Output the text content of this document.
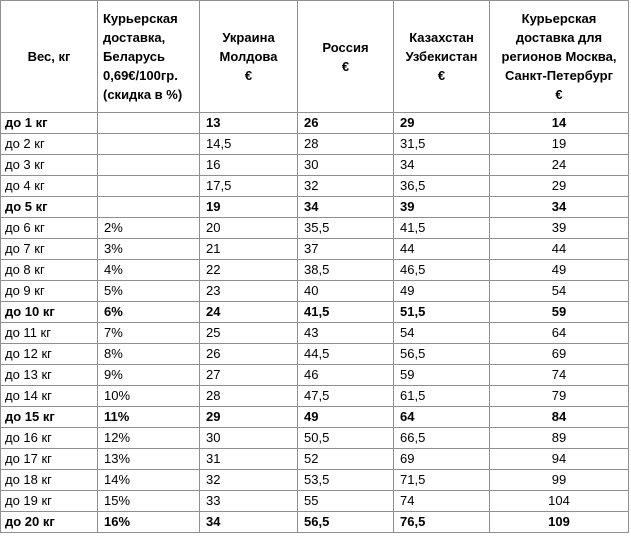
Вес, кг	Курьерская
доставка,
Беларусь
0,69€/100гр.
(скидка в %)	Украина
Молдова
€	Россия
€	Казахстан
Узбекистан
€	Курьерская
доставка для
регионов Москва,
Санкт-Петербург
€

до 1 кг		13	26	29	14
до 2 кг		14,5	28	31,5	19
до 3 кг		16	30	34	24
до 4 кг		17,5	32	36,5	29
до 5 кг		19	34	39	34
до 6 кг	2%	20	35,5	41,5	39
до 7 кг	3%	21	37	44	44
до 8 кг	4%	22	38,5	46,5	49
до 9 кг	5%	23	40	49	54
до 10 кг	6%	24	41,5	51,5	59
до 11 кг	7%	25	43	54	64
до 12 кг	8%	26	44,5	56,5	69
до 13 кг	9%	27	46	59	74
до 14 кг	10%	28	47,5	61,5	79
до 15 кг	11%	29	49	64	84
до 16 кг	12%	30	50,5	66,5	89
до 17 кг	13%	31	52	69	94
до 18 кг	14%	32	53,5	71,5	99
до 19 кг	15%	33	55	74	104
до 20 кг	16%	34	56,5	76,5	109
